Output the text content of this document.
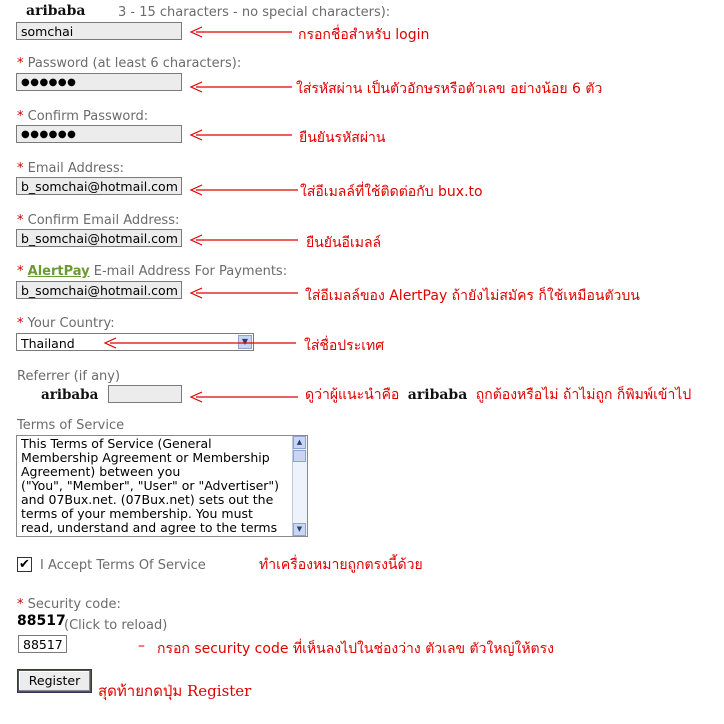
aribaba	3 - 15 characters - no special characters):
somchai	กรอกชื่อสำหรับ login
* Password (at least 6 characters):
●●●●●●	ใส่รหัสผ่าน เป็นตัวอักษรหรือตัวเลข อย่างน้อย 6 ตัว
* Confirm Password:
●●●●●●	ยืนยันรหัสผ่าน
* Email Address:
b_somchai@hotmail.com	ใส่อีเมลล์ที่ใช้ติดต่อกับ bux.to
* Confirm Email Address:
b_somchai@hotmail.com	ยืนยันอีเมลล์
* AlertPay E-mail Address For Payments:
b_somchai@hotmail.com	ใส่อีเมลล์ของ AlertPay ถ้ายังไม่สมัคร ก็ใช้เหมือนตัวบน
* Your Country:
Thailand	▼	ใส่ชื่อประเทศ
Referrer (if any)
aribaba	ดูว่าผู้แนะนำคือ aribaba ถูกต้องหรือไม่ ถ้าไม่ถูก ก็พิมพ์เข้าไป
Terms of Service
This Terms of Service (General
Membership Agreement or Membership
Agreement) between you
("You", "Member", "User" or "Advertiser")
and 07Bux.net. (07Bux.net) sets out the
terms of your membership. You must
read, understand and agree to the terms
▲
▼
✔ I Accept Terms Of Service	ทำเครื่องหมายถูกตรงนี้ด้วย
* Security code:
88517
(Click to reload)
88517	– กรอก security code ที่เห็นลงไปในช่องว่าง ตัวเลข ตัวใหญ่ให้ตรง
Register
สุดท้ายกดปุ่ม Register
